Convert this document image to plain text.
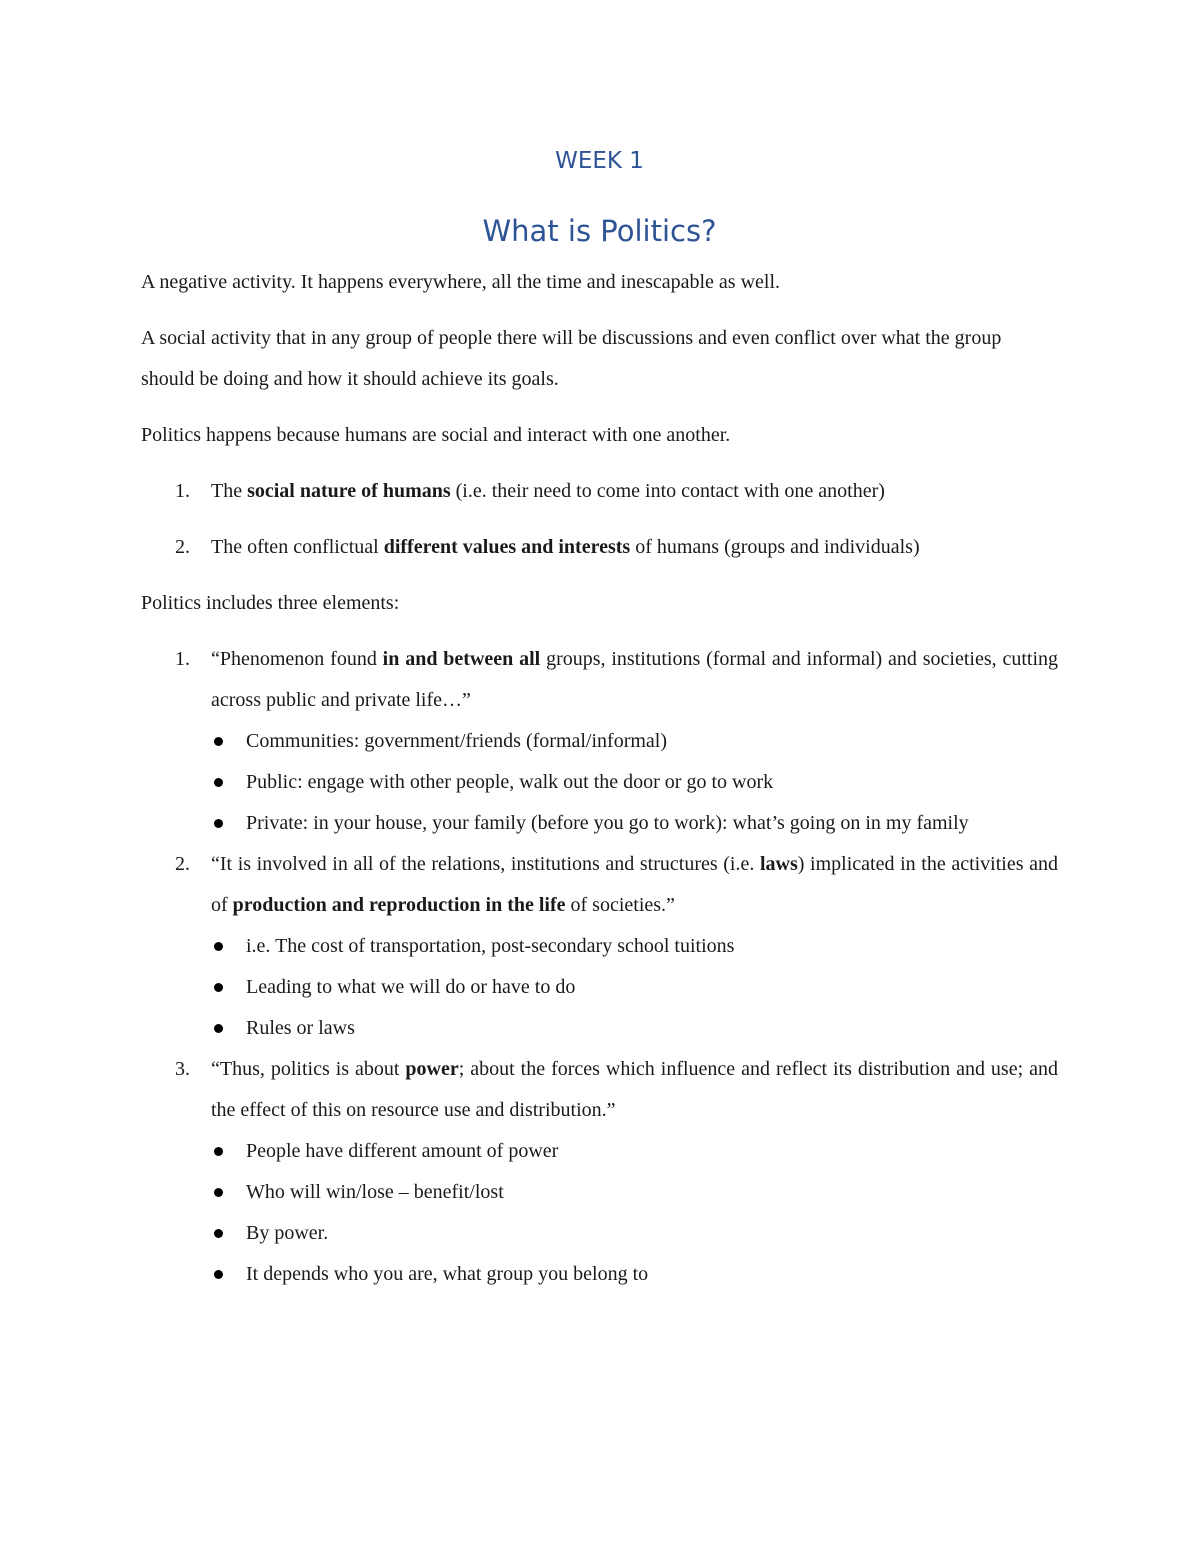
WEEK 1
What is Politics?

A negative activity. It happens everywhere, all the time and inescapable as well.

A social activity that in any group of people there will be discussions and even conflict over what the group should be doing and how it should achieve its goals.

Politics happens because humans are social and interact with one another.

1. The social nature of humans (i.e. their need to come into contact with one another)
2. The often conflictual different values and interests of humans (groups and individuals)

Politics includes three elements:

1. “Phenomenon found in and between all groups, institutions (formal and informal) and societies, cutting across public and private life…”
Communities: government/friends (formal/informal)
Public: engage with other people, walk out the door or go to work
Private: in your house, your family (before you go to work): what’s going on in my family
2. “It is involved in all of the relations, institutions and structures (i.e. laws) implicated in the activities and of production and reproduction in the life of societies.”
i.e. The cost of transportation, post-secondary school tuitions
Leading to what we will do or have to do
Rules or laws
3. “Thus, politics is about power; about the forces which influence and reflect its distribution and use; and the effect of this on resource use and distribution.”
People have different amount of power
Who will win/lose – benefit/lost
By power.
It depends who you are, what group you belong to
